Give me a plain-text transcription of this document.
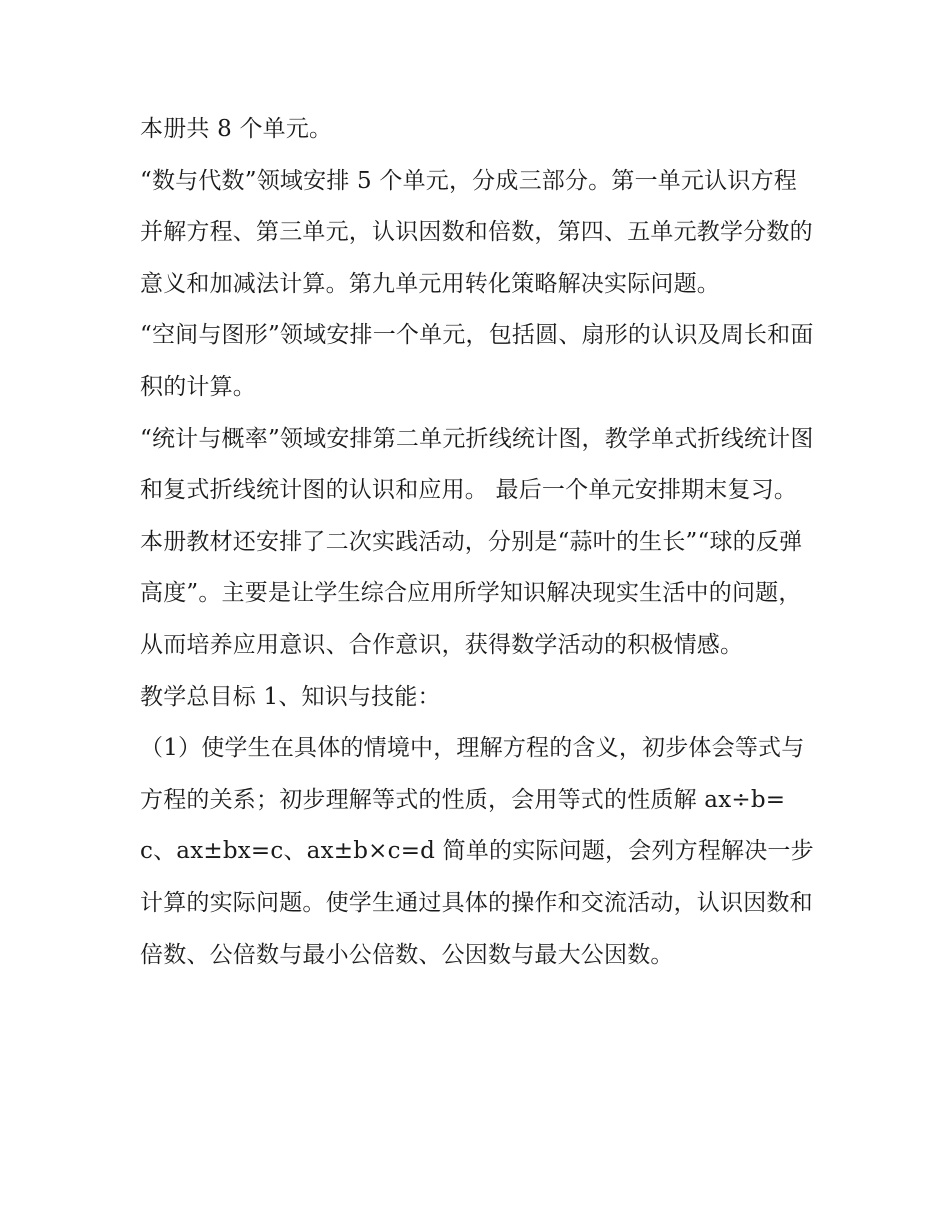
本册共 8 个单元。

“数与代数”领域安排 5 个单元，分成三部分。第一单元认识方程并解方程、第三单元，认识因数和倍数，第四、五单元教学分数的意义和加减法计算。第九单元用转化策略解决实际问题。

“空间与图形”领域安排一个单元，包括圆、扇形的认识及周长和面积的计算。

“统计与概率”领域安排第二单元折线统计图，教学单式折线统计图和复式折线统计图的认识和应用。 最后一个单元安排期末复习。

本册教材还安排了二次实践活动，分别是“蒜叶的生长”“球的反弹高度”。主要是让学生综合应用所学知识解决现实生活中的问题，从而培养应用意识、合作意识，获得数学活动的积极情感。

教学总目标 1、知识与技能：

（1）使学生在具体的情境中，理解方程的含义，初步体会等式与方程的关系；初步理解等式的性质，会用等式的性质解 ax÷b=c、ax±bx=c、ax±b×c=d 简单的实际问题，会列方程解决一步计算的实际问题。使学生通过具体的操作和交流活动，认识因数和倍数、公倍数与最小公倍数、公因数与最大公因数。
